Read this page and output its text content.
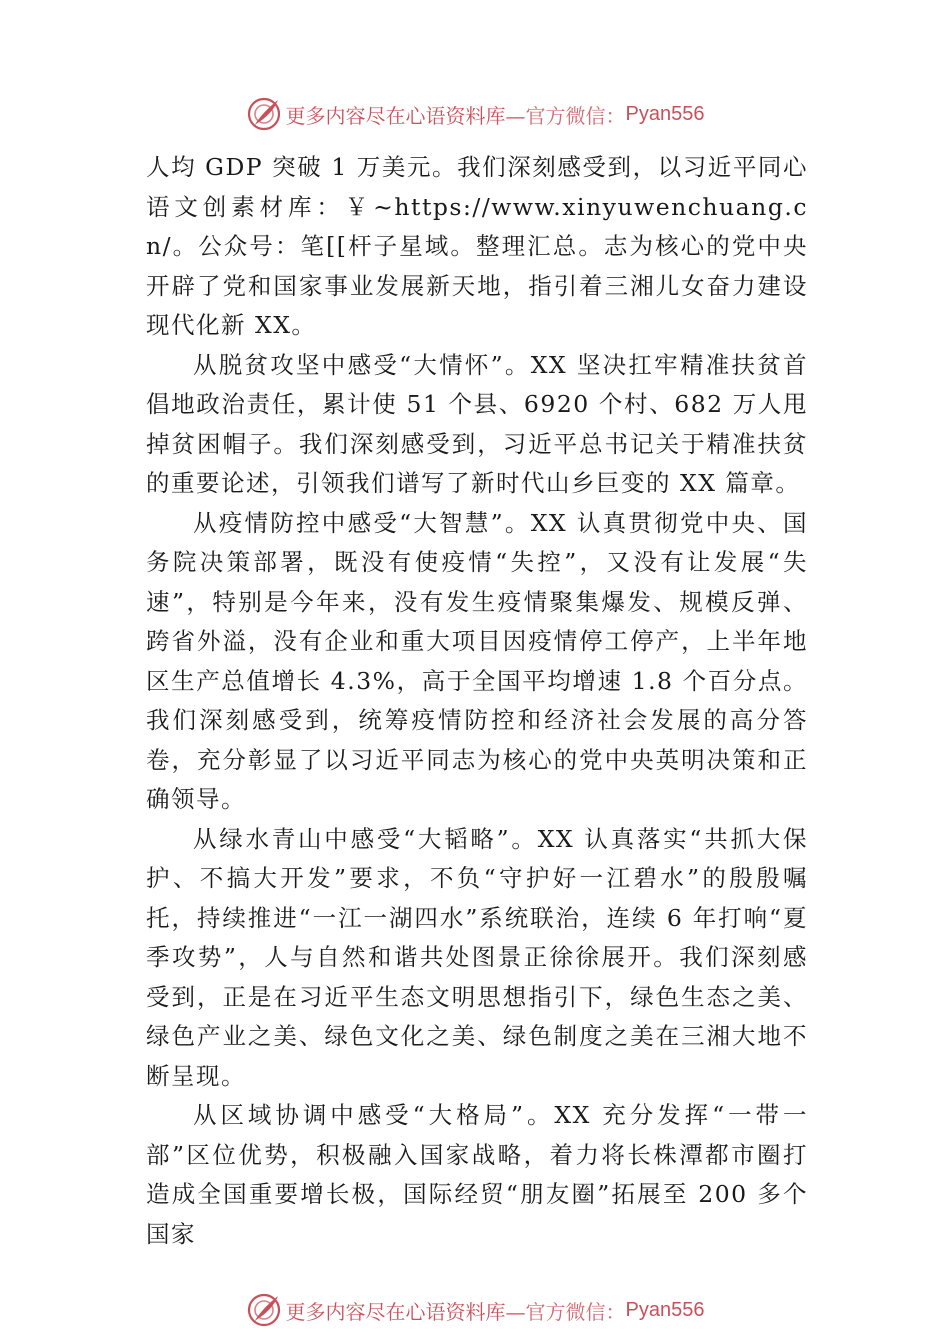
更多内容尽在心语资料库— 官方微信： Pyan556

人均 GDP 突破 1 万美元。我们深刻感受到，以习近平同心语文创素材库：￥~https://www.xinyuwenchuang.cn/。公众号：笔[[杆子星域。整理汇总。志为核心的党中央开辟了党和国家事业发展新天地，指引着三湘儿女奋力建设现代化新 XX。

从脱贫攻坚中感受“大情怀”。XX 坚决扛牢精准扶贫首倡地政治责任，累计使 51 个县、6920 个村、682 万人甩掉贫困帽子。我们深刻感受到，习近平总书记关于精准扶贫的重要论述，引领我们谱写了新时代山乡巨变的 XX 篇章。

从疫情防控中感受“大智慧”。XX 认真贯彻党中央、国务院决策部署，既没有使疫情“失控”，又没有让发展“失速”，特别是今年来，没有发生疫情聚集爆发、规模反弹、跨省外溢，没有企业和重大项目因疫情停工停产，上半年地区生产总值增长 4.3%，高于全国平均增速 1.8 个百分点。我们深刻感受到，统筹疫情防控和经济社会发展的高分答卷，充分彰显了以习近平同志为核心的党中央英明决策和正确领导。

从绿水青山中感受“大韬略”。XX 认真落实“共抓大保护、不搞大开发”要求，不负“守护好一江碧水”的殷殷嘱托，持续推进“一江一湖四水”系统联治，连续 6 年打响“夏季攻势”，人与自然和谐共处图景正徐徐展开。我们深刻感受到，正是在习近平生态文明思想指引下，绿色生态之美、绿色产业之美、绿色文化之美、绿色制度之美在三湘大地不断呈现。

从区域协调中感受“大格局”。XX 充分发挥“一带一部”区位优势，积极融入国家战略，着力将长株潭都市圈打造成全国重要增长极，国际经贸“朋友圈”拓展至 200 多个国家

更多内容尽在心语资料库— 官方微信： Pyan556
